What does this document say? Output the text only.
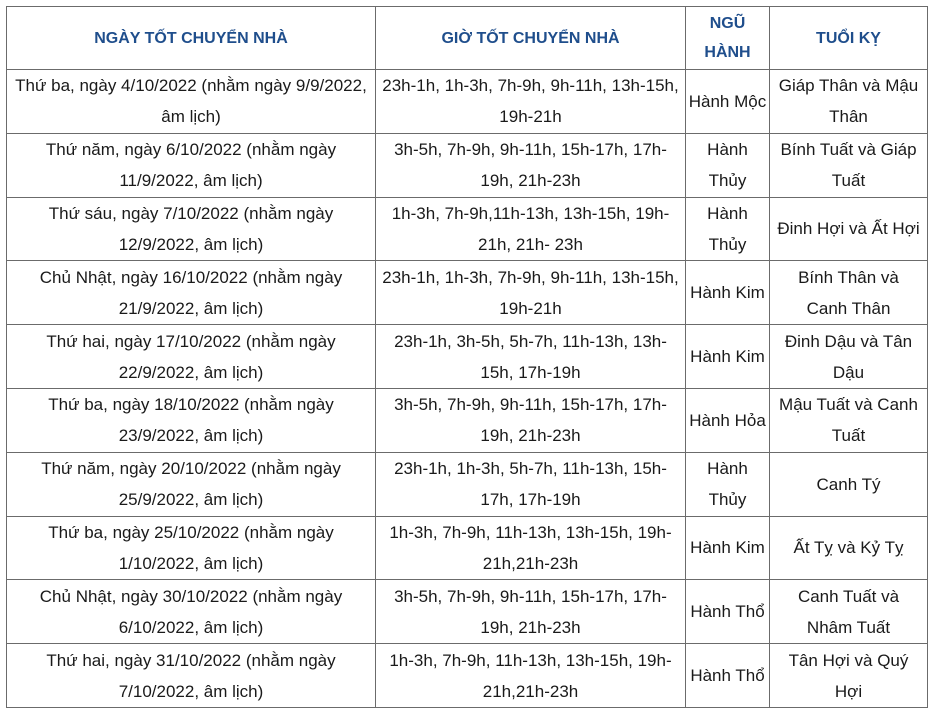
NGÀY TỐT CHUYỂN NHÀ	GIỜ TỐT CHUYỂN NHÀ	NGŨ HÀNH	TUỔI KỴ
Thứ ba, ngày 4/10/2022 (nhằm ngày 9/9/2022, âm lịch)	23h-1h, 1h-3h, 7h-9h, 9h-11h, 13h-15h, 19h-21h	Hành Mộc	Giáp Thân và Mậu Thân
Thứ năm, ngày 6/10/2022 (nhằm ngày 11/9/2022, âm lịch)	3h-5h, 7h-9h, 9h-11h, 15h-17h, 17h-19h, 21h-23h	Hành Thủy	Bính Tuất và Giáp Tuất
Thứ sáu, ngày 7/10/2022 (nhằm ngày 12/9/2022, âm lịch)	1h-3h, 7h-9h,11h-13h, 13h-15h, 19h-21h, 21h- 23h	Hành Thủy	Đinh Hợi và Ất Hợi
Chủ Nhật, ngày 16/10/2022 (nhằm ngày 21/9/2022, âm lịch)	23h-1h, 1h-3h, 7h-9h, 9h-11h, 13h-15h, 19h-21h	Hành Kim	Bính Thân và Canh Thân
Thứ hai, ngày 17/10/2022 (nhằm ngày 22/9/2022, âm lịch)	23h-1h, 3h-5h, 5h-7h, 11h-13h, 13h-15h, 17h-19h	Hành Kim	Đinh Dậu và Tân Dậu
Thứ ba, ngày 18/10/2022 (nhằm ngày 23/9/2022, âm lịch)	3h-5h, 7h-9h, 9h-11h, 15h-17h, 17h-19h, 21h-23h	Hành Hỏa	Mậu Tuất và Canh Tuất
Thứ năm, ngày 20/10/2022 (nhằm ngày 25/9/2022, âm lịch)	23h-1h, 1h-3h, 5h-7h, 11h-13h, 15h-17h, 17h-19h	Hành Thủy	Canh Tý
Thứ ba, ngày 25/10/2022 (nhằm ngày 1/10/2022, âm lịch)	1h-3h, 7h-9h, 11h-13h, 13h-15h, 19h-21h,21h-23h	Hành Kim	Ất Tỵ và Kỷ Tỵ
Chủ Nhật, ngày 30/10/2022 (nhằm ngày 6/10/2022, âm lịch)	3h-5h, 7h-9h, 9h-11h, 15h-17h, 17h-19h, 21h-23h	Hành Thổ	Canh Tuất và Nhâm Tuất
Thứ hai, ngày 31/10/2022 (nhằm ngày 7/10/2022, âm lịch)	1h-3h, 7h-9h, 11h-13h, 13h-15h, 19h-21h,21h-23h	Hành Thổ	Tân Hợi và Quý Hợi
